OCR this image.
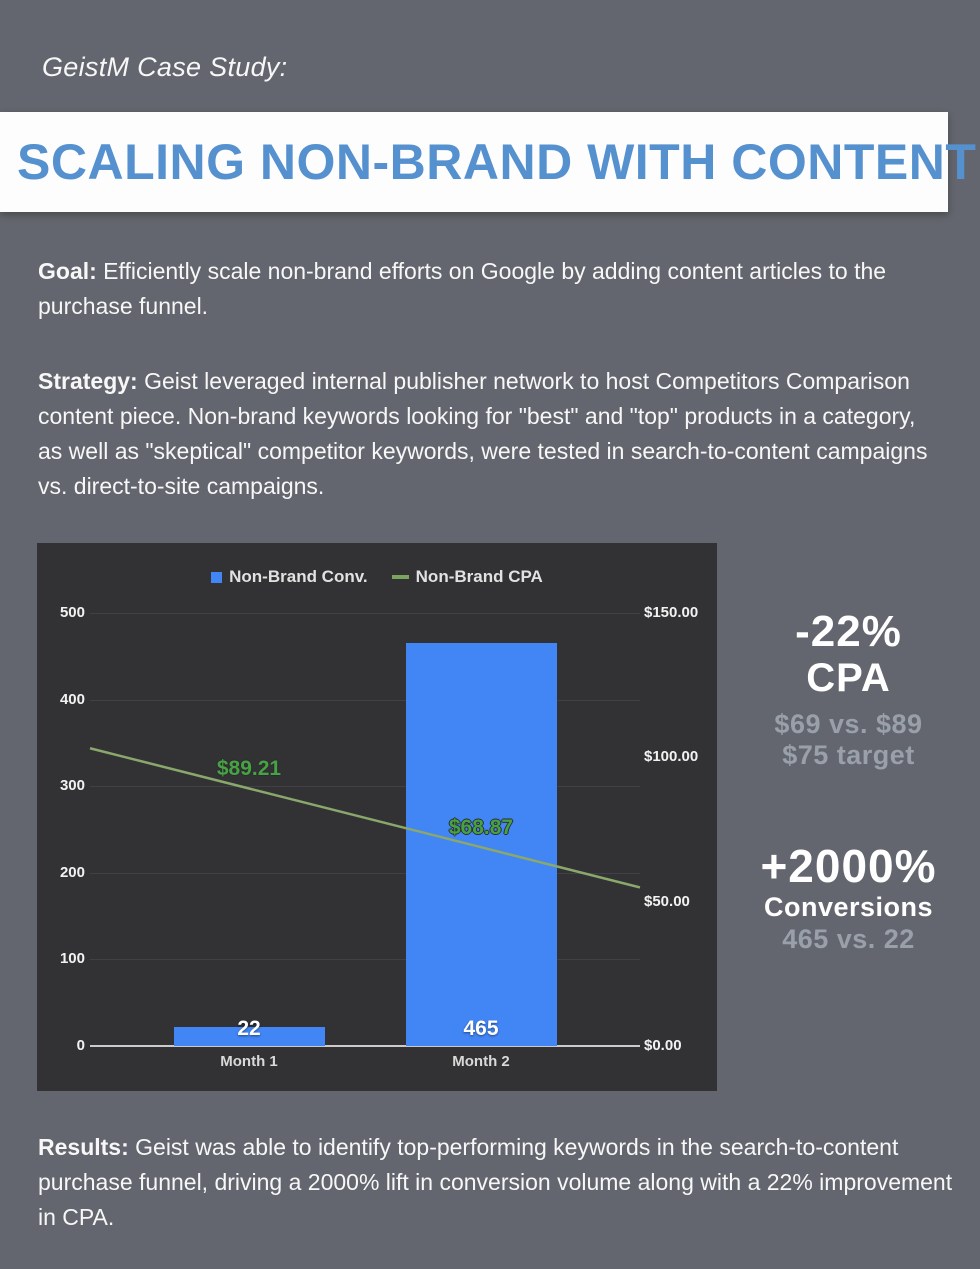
GeistM Case Study:
SCALING NON-BRAND WITH CONTENT

Goal: Efficiently scale non-brand efforts on Google by adding content articles to the purchase funnel.

Strategy: Geist leveraged internal publisher network to host Competitors Comparison content piece. Non-brand keywords looking for "best" and "top" products in a category, as well as "skeptical" competitor keywords, were tested in search-to-content campaigns vs. direct-to-site campaigns.

Non-Brand Conv.	Non-Brand CPA
0
100
200
300
400
500
$0.00
$50.00
$100.00
$150.00
22
Month 1
465
Month 2
$89.21
$68.87
-22%
CPA
$69 vs. $89
$75 target
+2000%
Conversions
465 vs. 22

Results: Geist was able to identify top-performing keywords in the search-to-content purchase funnel, driving a 2000% lift in conversion volume along with a 22% improvement in CPA.
